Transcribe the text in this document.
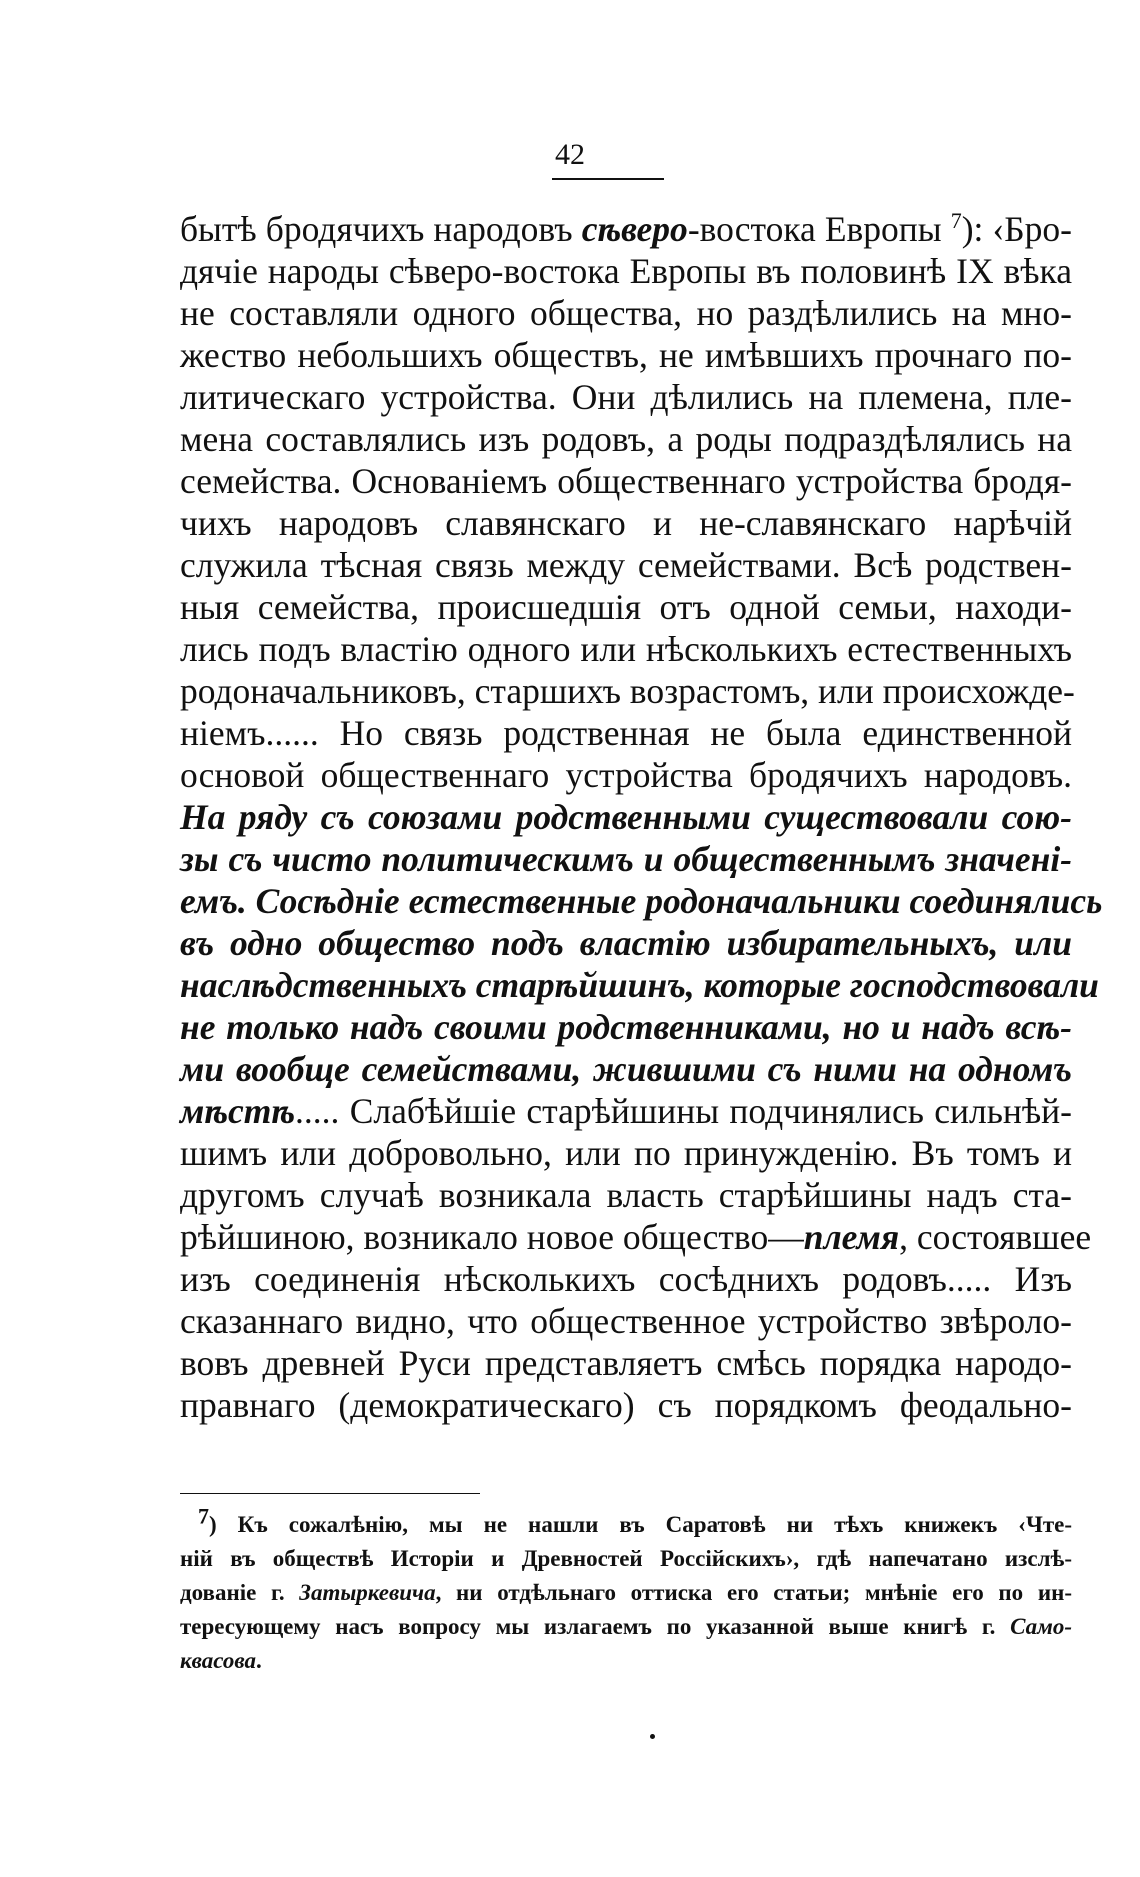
42
бытѣ бродячихъ народовъ сѣверо-востока Европы $^7$): ‹Бро-
дячіе народы сѣверо-востока Европы въ половинѣ IX вѣка
не составляли одного общества, но раздѣлились на мно-
жество небольшихъ обществъ, не имѣвшихъ прочнаго по-
литическаго устройства. Они дѣлились на племена, пле-
мена составлялись изъ родовъ, а роды подраздѣлялись на
семейства. Основаніемъ общественнаго устройства бродя-
чихъ народовъ славянскаго и не-славянскаго нарѣчій
служила тѣсная связь между семействами. Всѣ родствен-
ныя семейства, происшедшія отъ одной семьи, находи-
лись подъ властію одного или нѣсколькихъ естественныхъ
родоначальниковъ, старшихъ возрастомъ, или происхожде-
ніемъ...... Но связь родственная не была единственной
основой общественнаго устройства бродячихъ народовъ.
На ряду съ союзами родственными существовали сою-
зы съ чисто политическимъ и общественнымъ значені-
емъ. Сосѣдніе естественные родоначальники соединялись
въ одно общество подъ властію избирательныхъ, или
наслѣдственныхъ старѣйшинъ, которые господствовали
не только надъ своими родственниками, но и надъ всѣ-
ми вообще семействами, жившими съ ними на одномъ
мѣстѣ..... Слабѣйшіе старѣйшины подчинялись сильнѣй-
шимъ или добровольно, или по принужденію. Въ томъ и
другомъ случаѣ возникала власть старѣйшины надъ ста-
рѣйшиною, возникало новое общество—племя, состоявшее
изъ соединенія нѣсколькихъ сосѣднихъ родовъ..... Изъ
сказаннаго видно, что общественное устройство звѣроло-
вовъ древней Руси представляетъ смѣсь порядка народо-
правнаго (демократическаго) съ порядкомъ феодально-
7) Къ сожалѣнію, мы не нашли въ Саратовѣ ни тѣхъ книжекъ ‹Чте-
ній въ обществѣ Исторіи и Древностей Россійскихъ›, гдѣ напечатано изслѣ-
дованіе г. Затыркевича, ни отдѣльнаго оттиска его статьи; мнѣніе его по ин-
тересующему насъ вопросу мы излагаемъ по указанной выше книгѣ г. Само-
квасова.
